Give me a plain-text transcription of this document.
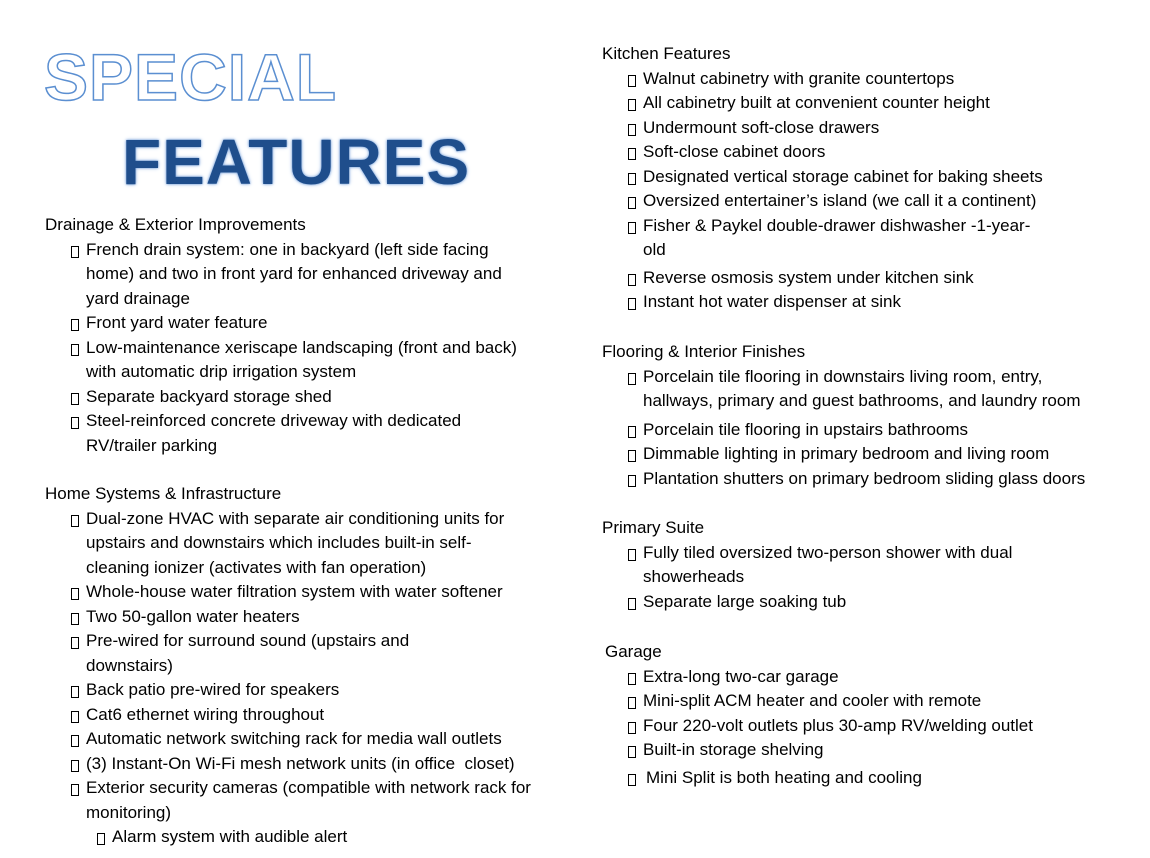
SPECIAL
FEATURES
Drainage & Exterior Improvements
French drain system: one in backyard (left side facing home) and two in front yard for enhanced driveway and yard drainage
Front yard water feature
Low-maintenance xeriscape landscaping (front and back) with automatic drip irrigation system
Separate backyard storage shed
Steel-reinforced concrete driveway with dedicated RV/trailer parking
Home Systems & Infrastructure
Dual-zone HVAC with separate air conditioning units for upstairs and downstairs which includes built-in self-cleaning ionizer (activates with fan operation)
Whole-house water filtration system with water softener
Two 50-gallon water heaters
Pre-wired for surround sound (upstairs and downstairs)
Back patio pre-wired for speakers
Cat6 ethernet wiring throughout
Automatic network switching rack for media wall outlets
(3) Instant-On Wi-Fi mesh network units (in office  closet)
Exterior security cameras (compatible with network rack for monitoring)
Alarm system with audible alert
Kitchen Features
Walnut cabinetry with granite countertops
All cabinetry built at convenient counter height
Undermount soft-close drawers
Soft-close cabinet doors
Designated vertical storage cabinet for baking sheets
Oversized entertainer’s island (we call it a continent)
Fisher & Paykel double-drawer dishwasher -1-year-old
Reverse osmosis system under kitchen sink
Instant hot water dispenser at sink
Flooring & Interior Finishes
Porcelain tile flooring in downstairs living room, entry, hallways, primary and guest bathrooms, and laundry room
Porcelain tile flooring in upstairs bathrooms
Dimmable lighting in primary bedroom and living room
Plantation shutters on primary bedroom sliding glass doors
Primary Suite
Fully tiled oversized two-person shower with dual showerheads
Separate large soaking tub
Garage
Extra-long two-car garage
Mini-split ACM heater and cooler with remote
Four 220-volt outlets plus 30-amp RV/welding outlet
Built-in storage shelving
Mini Split is both heating and cooling
